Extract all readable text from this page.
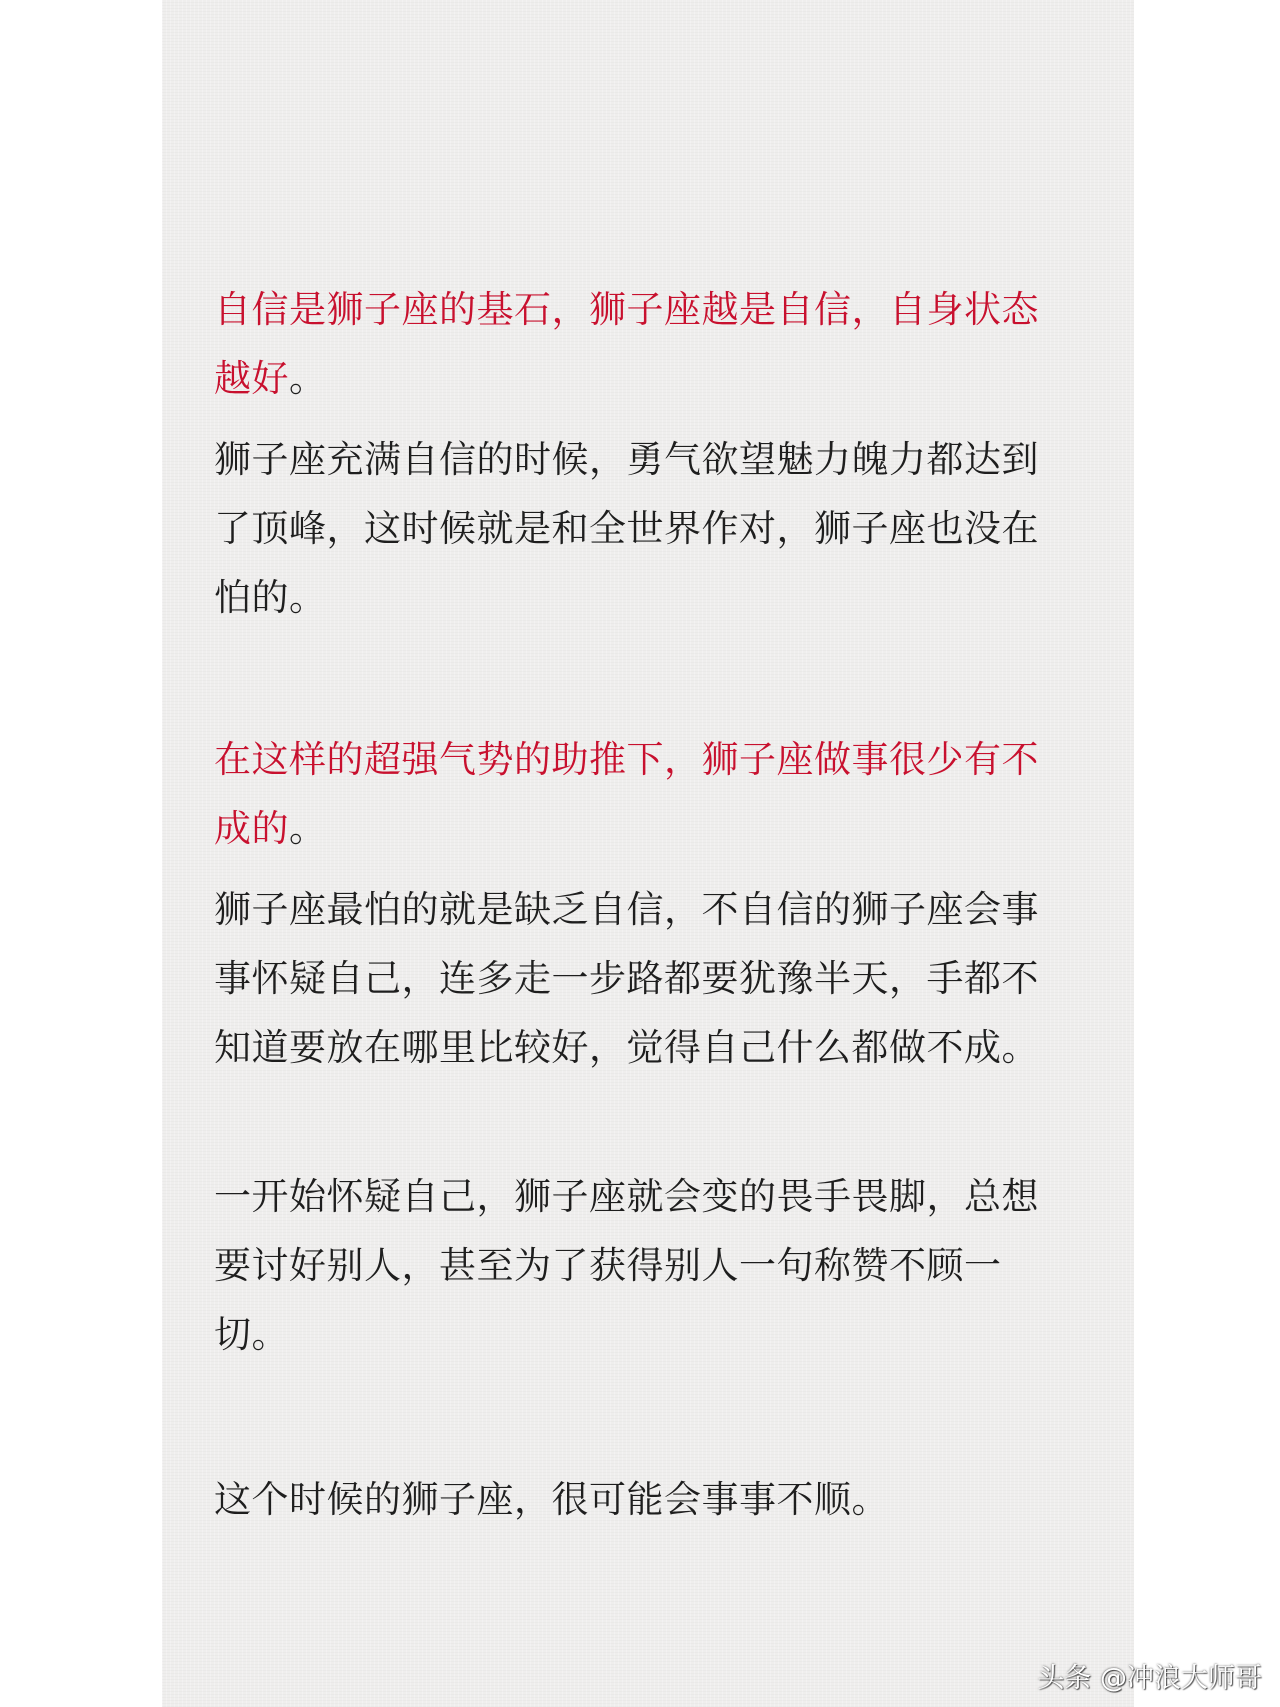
自信是狮子座的基石，狮子座越是自信，自身状态越好。

狮子座充满自信的时候，勇气欲望魅力魄力都达到了顶峰，这时候就是和全世界作对，狮子座也没在怕的。

在这样的超强气势的助推下，狮子座做事很少有不成的。

狮子座最怕的就是缺乏自信，不自信的狮子座会事事怀疑自己，连多走一步路都要犹豫半天，手都不知道要放在哪里比较好，觉得自己什么都做不成。

一开始怀疑自己，狮子座就会变的畏手畏脚，总想要讨好别人，甚至为了获得别人一句称赞不顾一切。

这个时候的狮子座，很可能会事事不顺。

头条 @冲浪大师哥
